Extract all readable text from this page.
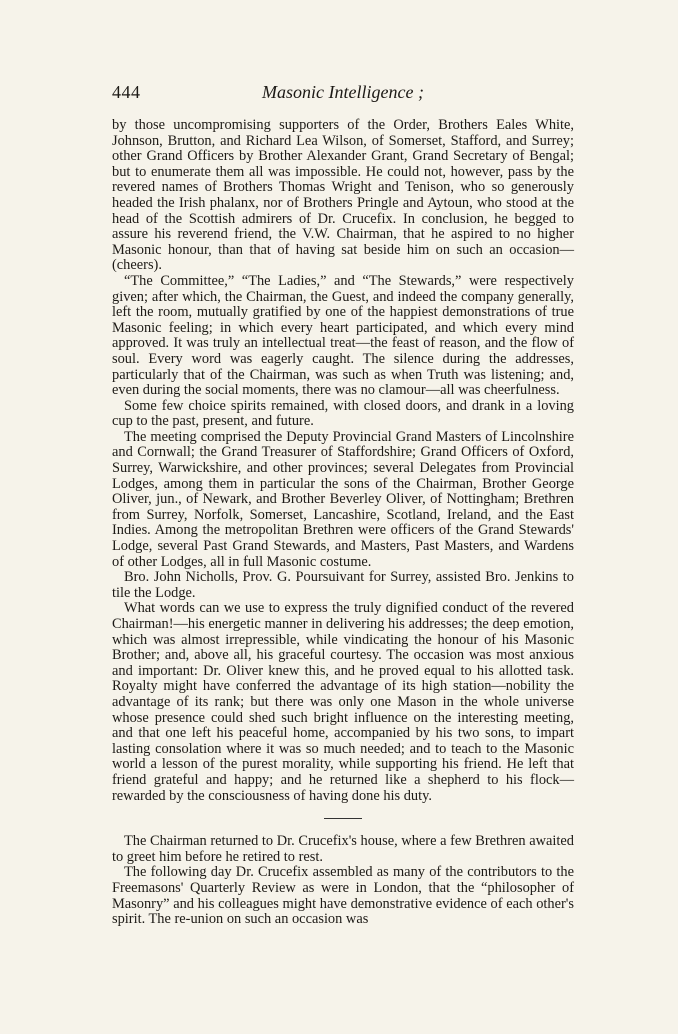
444	Masonic Intelligence ;

by those uncompromising supporters of the Order, Brothers Eales White, Johnson, Brutton, and Richard Lea Wilson, of Somerset, Stafford, and Surrey; other Grand Officers by Brother Alexander Grant, Grand Secretary of Bengal; but to enumerate them all was impossible. He could not, however, pass by the revered names of Brothers Thomas Wright and Tenison, who so generously headed the Irish phalanx, nor of Brothers Pringle and Aytoun, who stood at the head of the Scottish admirers of Dr. Crucefix. In conclusion, he begged to assure his reverend friend, the V.W. Chairman, that he aspired to no higher Masonic honour, than that of having sat beside him on such an occasion—(cheers).

“The Committee,” “The Ladies,” and “The Stewards,” were respectively given; after which, the Chairman, the Guest, and indeed the company generally, left the room, mutually gratified by one of the happiest demonstrations of true Masonic feeling; in which every heart participated, and which every mind approved. It was truly an intellectual treat—the feast of reason, and the flow of soul. Every word was eagerly caught. The silence during the addresses, particularly that of the Chairman, was such as when Truth was listening; and, even during the social moments, there was no clamour—all was cheerfulness.

Some few choice spirits remained, with closed doors, and drank in a loving cup to the past, present, and future.

The meeting comprised the Deputy Provincial Grand Masters of Lincolnshire and Cornwall; the Grand Treasurer of Staffordshire; Grand Officers of Oxford, Surrey, Warwickshire, and other provinces; several Delegates from Provincial Lodges, among them in particular the sons of the Chairman, Brother George Oliver, jun., of Newark, and Brother Beverley Oliver, of Nottingham; Brethren from Surrey, Norfolk, Somerset, Lancashire, Scotland, Ireland, and the East Indies. Among the metropolitan Brethren were officers of the Grand Stewards' Lodge, several Past Grand Stewards, and Masters, Past Masters, and Wardens of other Lodges, all in full Masonic costume.

Bro. John Nicholls, Prov. G. Poursuivant for Surrey, assisted Bro. Jenkins to tile the Lodge.

What words can we use to express the truly dignified conduct of the revered Chairman!—his energetic manner in delivering his addresses; the deep emotion, which was almost irrepressible, while vindicating the honour of his Masonic Brother; and, above all, his graceful courtesy. The occasion was most anxious and important: Dr. Oliver knew this, and he proved equal to his allotted task. Royalty might have conferred the advantage of its high station—nobility the advantage of its rank; but there was only one Mason in the whole universe whose presence could shed such bright influence on the interesting meeting, and that one left his peaceful home, accompanied by his two sons, to impart lasting consolation where it was so much needed; and to teach to the Masonic world a lesson of the purest morality, while supporting his friend. He left that friend grateful and happy; and he returned like a shepherd to his flock—rewarded by the consciousness of having done his duty.

The Chairman returned to Dr. Crucefix's house, where a few Brethren awaited to greet him before he retired to rest.

The following day Dr. Crucefix assembled as many of the contributors to the Freemasons' Quarterly Review as were in London, that the “philosopher of Masonry” and his colleagues might have demonstrative evidence of each other's spirit. The re-union on such an occasion was
